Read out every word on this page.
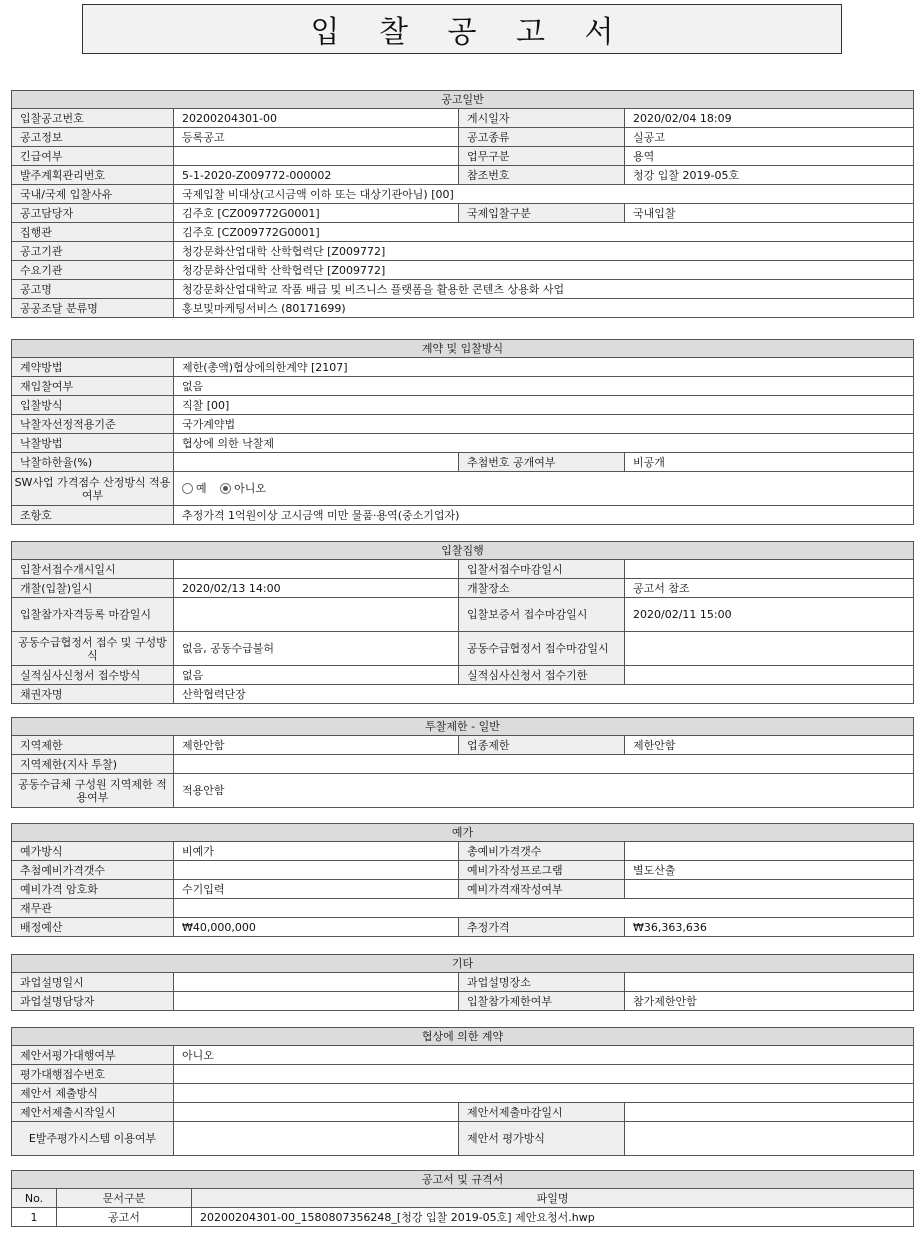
입 찰 공 고 서
공고일반			
입찰공고번호	20200204301-00	게시일자	2020/02/04 18:09
공고정보	등록공고	공고종류	실공고
긴급여부		업무구분	용역
발주계획관리번호	5-1-2020-Z009772-000002	참조번호	청강 입찰 2019-05호
국내/국제 입찰사유	국제입찰 비대상(고시금액 이하 또는 대상기관아님) [00]		
공고담당자	김주호 [CZ009772G0001]	국제입찰구분	국내입찰
집행관	김주호 [CZ009772G0001]		
공고기관	청강문화산업대학 산학협력단 [Z009772]		
수요기관	청강문화산업대학 산학협력단 [Z009772]		
공고명	청강문화산업대학교 작품 배급 및 비즈니스 플랫폼을 활용한 콘텐츠 상용화 사업		
공공조달 분류명	홍보및마케팅서비스 (80171699)		
계약 및 입찰방식			
계약방법	제한(총액)협상에의한계약 [2107]		
재입찰여부	없음		
입찰방식	직찰 [00]		
낙찰자선정적용기준	국가계약법		
낙찰방법	협상에 의한 낙찰제		
낙찰하한율(%)		추첨번호 공개여부	비공개
SW사업 가격점수 산정방식 적용여부	예 아니오		
조항호	추정가격 1억원이상 고시금액 미만 물품·용역(중소기업자)		
입찰집행			
입찰서접수개시일시		입찰서접수마감일시	
개찰(입찰)일시	2020/02/13 14:00	개찰장소	공고서 참조
입찰참가자격등록 마감일시		입찰보증서 접수마감일시	2020/02/11 15:00
공동수급협정서 접수 및 구성방식	없음, 공동수급불허	공동수급협정서 접수마감일시	
실적심사신청서 접수방식	없음	실적심사신청서 접수기한	
채권자명	산학협력단장		
투찰제한 - 일반			
지역제한	제한안함	업종제한	제한안함
지역제한(지사 투찰)			
공동수급체 구성원 지역제한 적용여부	적용안함		
예가			
예가방식	비예가	총예비가격갯수	
추첨예비가격갯수		예비가작성프로그램	별도산출
예비가격 암호화	수기입력	예비가격재작성여부	
재무관			
배정예산	₩40,000,000	추정가격	₩36,363,636
기타			
과업설명일시		과업설명장소	
과업설명담당자		입찰참가제한여부	참가제한안함
협상에 의한 계약			
제안서평가대행여부	아니오		
평가대행접수번호			
제안서 제출방식			
제안서제출시작일시		제안서제출마감일시	
E발주평가시스템 이용여부		제안서 평가방식	
공고서 및 규격서		
No.	문서구분	파일명
1	공고서	20200204301-00_1580807356248_[청강 입찰 2019-05호] 제안요청서.hwp
